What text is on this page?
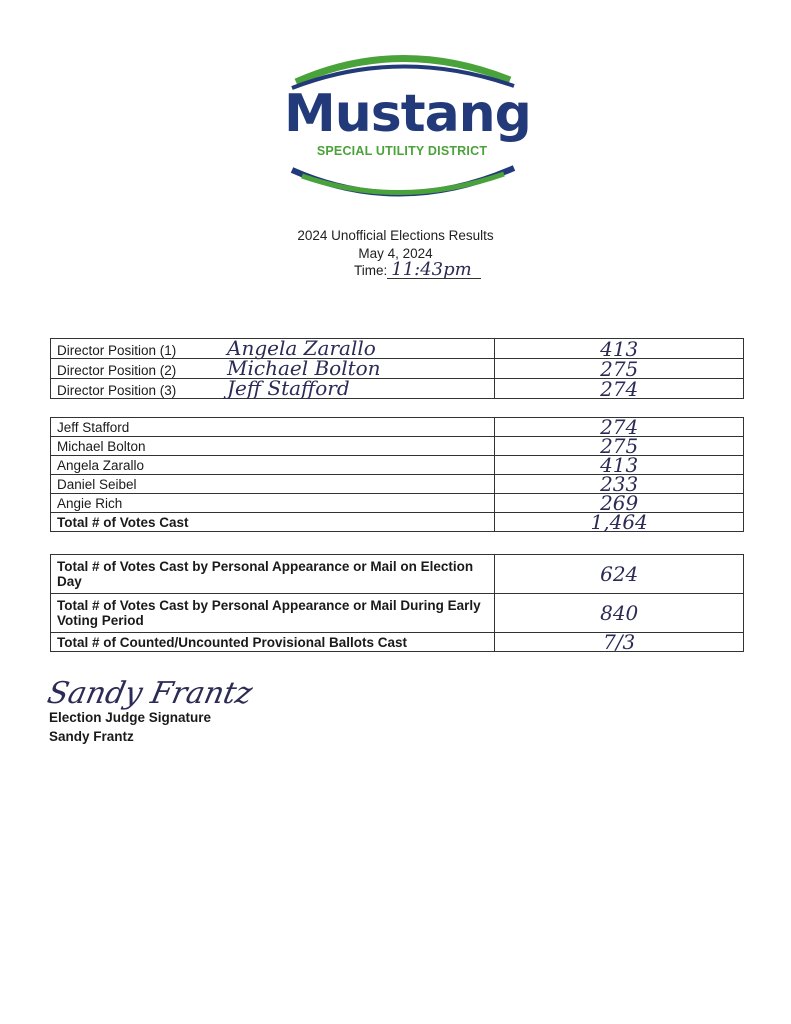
Mustang
SPECIAL UTILITY DISTRICT
2024 Unofficial Elections Results
May 4, 2024
Time: 11:43pm
Director Position (1) Angela Zarallo	413
Director Position (2) Michael Bolton	275
Director Position (3) Jeff Stafford	274
Jeff Stafford	274
Michael Bolton	275
Angela Zarallo	413
Daniel Seibel	233
Angie Rich	269
Total # of Votes Cast	1,464
Total # of Votes Cast by Personal Appearance or Mail on Election Day	624
Total # of Votes Cast by Personal Appearance or Mail During Early Voting Period	840
Total # of Counted/Uncounted Provisional Ballots Cast	7/3
Sandy Frantz
Election Judge Signature
Sandy Frantz
